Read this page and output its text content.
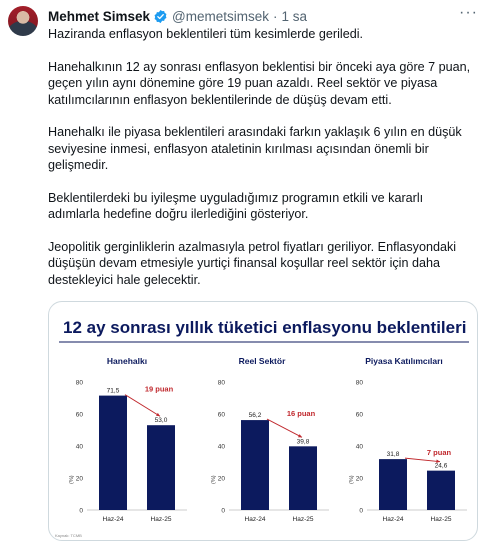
Mehmet Simsek @memetsimsek · 1 sa	···

Haziranda enflasyon beklentileri tüm kesimlerde geriledi.

Hanehalkının 12 ay sonrası enflasyon beklentisi bir önceki aya göre 7 puan, geçen yılın aynı dönemine göre 19 puan azaldı. Reel sektör ve piyasa katılımcılarının enflasyon beklentilerinde de düşüş devam etti.

Hanehalkı ile piyasa beklentileri arasındaki farkın yaklaşık 6 yılın en düşük seviyesine inmesi, enflasyon ataletinin kırılması açısından önemli bir gelişmedir.

Beklentilerdeki bu iyileşme uyguladığımız programın etkili ve kararlı adımlarla hedefine doğru ilerlediğini gösteriyor.

Jeopolitik gerginliklerin azalmasıyla petrol fiyatları geriliyor. Enflasyondaki düşüşün devam etmesiyle yurtiçi finansal koşullar reel sektör için daha destekleyici hale gelecektir.

12 ay sonrası yıllık tüketici enflasyonu beklentileri
Hanehalkı
0
20
40
60
80
(%)
71,5
Haz-24
53,0
Haz-25
19 puan
Reel Sektör
0
20
40
60
80
(%)
56,2
Haz-24
39,8
Haz-25
16 puan
Piyasa Katılımcıları
0
20
40
60
80
(%)
31,8
Haz-24
24,6
Haz-25
7 puan
Kaynak: TCMB
